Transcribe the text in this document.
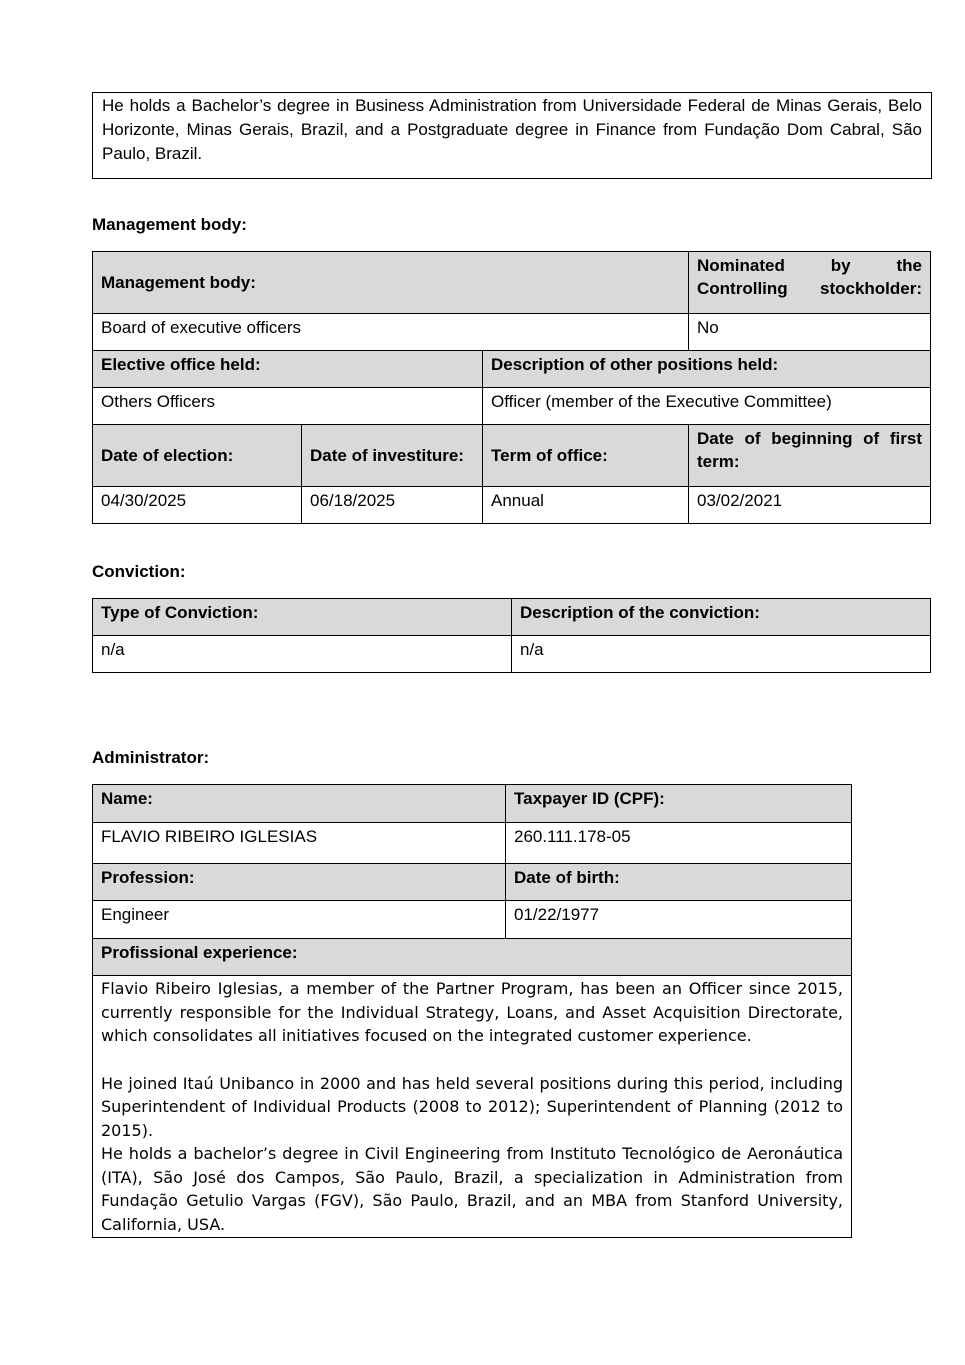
He holds a Bachelor’s degree in Business Administration from Universidade Federal de Minas Gerais, Belo Horizonte, Minas Gerais, Brazil, and a Postgraduate degree in Finance from Fundação Dom Cabral, São Paulo, Brazil.

Management body:
Management body:			Nominated by the Controlling stockholder:
Board of executive officers			No
Elective office held:		Description of other positions held:	
Others Officers		Officer (member of the Executive Committee)	
Date of election:	Date of investiture:	Term of office:	Date of beginning of first term:
04/30/2025	06/18/2025	Annual	03/02/2021
Conviction:
Type of Conviction:	Description of the conviction:
n/a	n/a
Administrator:
Name:	Taxpayer ID (CPF):
FLAVIO RIBEIRO IGLESIAS	260.111.178-05
Profession:	Date of birth:
Engineer	01/22/1977
Profissional experience:	

Flavio Ribeiro Iglesias, a member of the Partner Program, has been an Officer since 2015, currently responsible for the Individual Strategy, Loans, and Asset Acquisition Directorate, which consolidates all initiatives focused on the integrated customer experience.

He joined Itaú Unibanco in 2000 and has held several positions during this period, including Superintendent of Individual Products (2008 to 2012); Superintendent of Planning (2012 to 2015).

He holds a bachelor’s degree in Civil Engineering from Instituto Tecnológico de Aeronáutica (ITA), São José dos Campos, São Paulo, Brazil, a specialization in Administration from Fundação Getulio Vargas (FGV), São Paulo, Brazil, and an MBA from Stanford University, California, USA.	
